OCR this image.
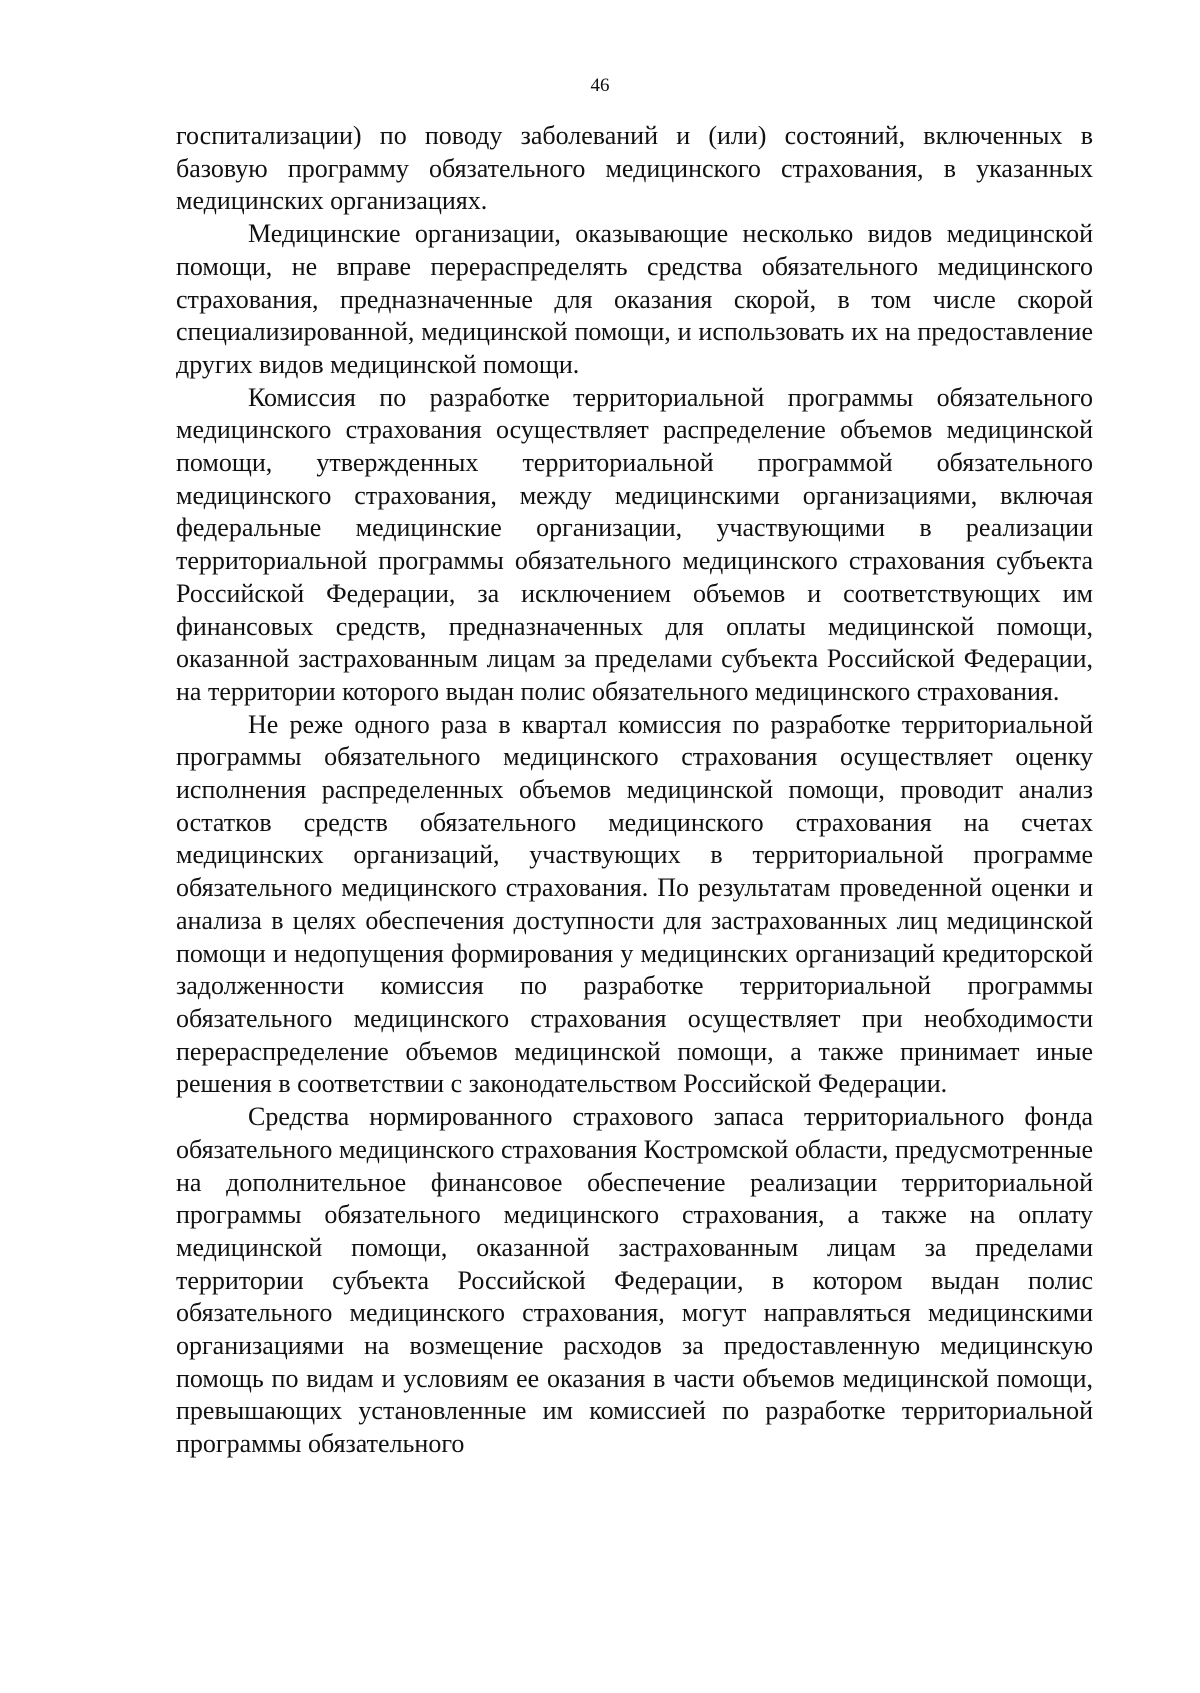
46

госпитализации) по поводу заболеваний и (или) состояний, включенных в базовую программу обязательного медицинского страхования, в указанных медицинских организациях.

Медицинские организации, оказывающие несколько видов медицинской помощи, не вправе перераспределять средства обязательного медицинского страхования, предназначенные для оказания скорой, в том числе скорой специализированной, медицинской помощи, и использовать их на предоставление других видов медицинской помощи.

Комиссия по разработке территориальной программы обязательного медицинского страхования осуществляет распределение объемов медицинской помощи, утвержденных территориальной программой обязательного медицинского страхования, между медицинскими организациями, включая федеральные медицинские организации, участвующими в реализации территориальной программы обязательного медицинского страхования субъекта Российской Федерации, за исключением объемов и соответствующих им финансовых средств, предназначенных для оплаты медицинской помощи, оказанной застрахованным лицам за пределами субъекта Российской Федерации, на территории которого выдан полис обязательного медицинского страхования.

Не реже одного раза в квартал комиссия по разработке территориальной программы обязательного медицинского страхования осуществляет оценку исполнения распределенных объемов медицинской помощи, проводит анализ остатков средств обязательного медицинского страхования на счетах медицинских организаций, участвующих в территориальной программе обязательного медицинского страхования. По результатам проведенной оценки и анализа в целях обеспечения доступности для застрахованных лиц медицинской помощи и недопущения формирования у медицинских организаций кредиторской задолженности комиссия по разработке территориальной программы обязательного медицинского страхования осуществляет при необходимости перераспределение объемов медицинской помощи, а также принимает иные решения в соответствии с законодательством Российской Федерации.

Средства нормированного страхового запаса территориального фонда обязательного медицинского страхования Костромской области, предусмотренные на дополнительное финансовое обеспечение реализации территориальной программы обязательного медицинского страхования, а также на оплату медицинской помощи, оказанной застрахованным лицам за пределами территории субъекта Российской Федерации, в котором выдан полис обязательного медицинского страхования, могут направляться медицинскими организациями на возмещение расходов за предоставленную медицинскую помощь по видам и условиям ее оказания в части объемов медицинской помощи, превышающих установленные им комиссией по разработке территориальной программы обязательного
